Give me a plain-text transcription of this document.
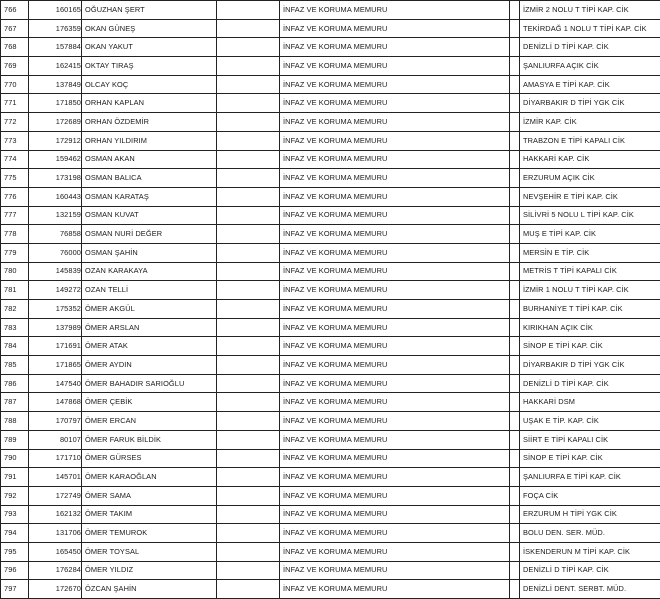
766	160165	OĞUZHAN ŞERT		İNFAZ VE KORUMA MEMURU		İZMİR 2 NOLU T TİPİ KAP. CİK
767	176359	OKAN GÜNEŞ		İNFAZ VE KORUMA MEMURU		TEKİRDAĞ 1 NOLU T TİPİ KAP. CİK
768	157884	OKAN YAKUT		İNFAZ VE KORUMA MEMURU		DENİZLİ D TİPİ KAP. CİK
769	162415	OKTAY TIRAŞ		İNFAZ VE KORUMA MEMURU		ŞANLIURFA AÇIK CİK
770	137849	OLCAY KOÇ		İNFAZ VE KORUMA MEMURU		AMASYA E TİPİ KAP. CİK
771	171850	ORHAN KAPLAN		İNFAZ VE KORUMA MEMURU		DİYARBAKIR D TİPİ YGK CİK
772	172689	ORHAN ÖZDEMİR		İNFAZ VE KORUMA MEMURU		İZMİR KAP. CİK
773	172912	ORHAN YILDIRIM		İNFAZ VE KORUMA MEMURU		TRABZON E TİPİ KAPALI CİK
774	159462	OSMAN AKAN		İNFAZ VE KORUMA MEMURU		HAKKARİ KAP. CİK
775	173198	OSMAN BALICA		İNFAZ VE KORUMA MEMURU		ERZURUM AÇIK CİK
776	160443	OSMAN KARATAŞ		İNFAZ VE KORUMA MEMURU		NEVŞEHİR E TİPİ KAP. CİK
777	132159	OSMAN KUVAT		İNFAZ VE KORUMA MEMURU		SİLİVRİ 5 NOLU L TİPİ KAP. CİK
778	76858	OSMAN NURİ DEĞER		İNFAZ VE KORUMA MEMURU		MUŞ E TİPİ KAP. CİK
779	76000	OSMAN ŞAHİN		İNFAZ VE KORUMA MEMURU		MERSİN E TİP. CİK
780	145839	OZAN KARAKAYA		İNFAZ VE KORUMA MEMURU		METRİS T TİPİ KAPALI CİK
781	149272	OZAN TELLİ		İNFAZ VE KORUMA MEMURU		İZMİR 1 NOLU T TİPİ KAP. CİK
782	175352	ÖMER AKGÜL		İNFAZ VE KORUMA MEMURU		BURHANİYE T TİPİ KAP. CİK
783	137989	ÖMER ARSLAN		İNFAZ VE KORUMA MEMURU		KIRIKHAN AÇIK CİK
784	171691	ÖMER ATAK		İNFAZ VE KORUMA MEMURU		SİNOP E TİPİ KAP. CİK
785	171865	ÖMER AYDIN		İNFAZ VE KORUMA MEMURU		DİYARBAKIR D TİPİ YGK CİK
786	147540	ÖMER BAHADIR SARIOĞLU		İNFAZ VE KORUMA MEMURU		DENİZLİ D TİPİ KAP. CİK
787	147868	ÖMER ÇEBİK		İNFAZ VE KORUMA MEMURU		HAKKARİ DSM
788	170797	ÖMER ERCAN		İNFAZ VE KORUMA MEMURU		UŞAK E TİP. KAP. CİK
789	80107	ÖMER FARUK BİLDİK		İNFAZ VE KORUMA MEMURU		SİİRT E TİPİ KAPALI CİK
790	171710	ÖMER GÜRSES		İNFAZ VE KORUMA MEMURU		SİNOP E TİPİ KAP. CİK
791	145701	ÖMER KARAOĞLAN		İNFAZ VE KORUMA MEMURU		ŞANLIURFA E TİPİ KAP. CİK
792	172749	ÖMER SAMA		İNFAZ VE KORUMA MEMURU		FOÇA CİK
793	162132	ÖMER TAKIM		İNFAZ VE KORUMA MEMURU		ERZURUM H TİPİ YGK CİK
794	131706	ÖMER TEMUROK		İNFAZ VE KORUMA MEMURU		BOLU DEN. SER. MÜD.
795	165450	ÖMER TOYSAL		İNFAZ VE KORUMA MEMURU		İSKENDERUN M TİPİ KAP. CİK
796	176284	ÖMER YILDIZ		İNFAZ VE KORUMA MEMURU		DENİZLİ D TİPİ KAP. CİK
797	172670	ÖZCAN ŞAHİN		İNFAZ VE KORUMA MEMURU		DENİZLİ DENT. SERBT. MÜD.
